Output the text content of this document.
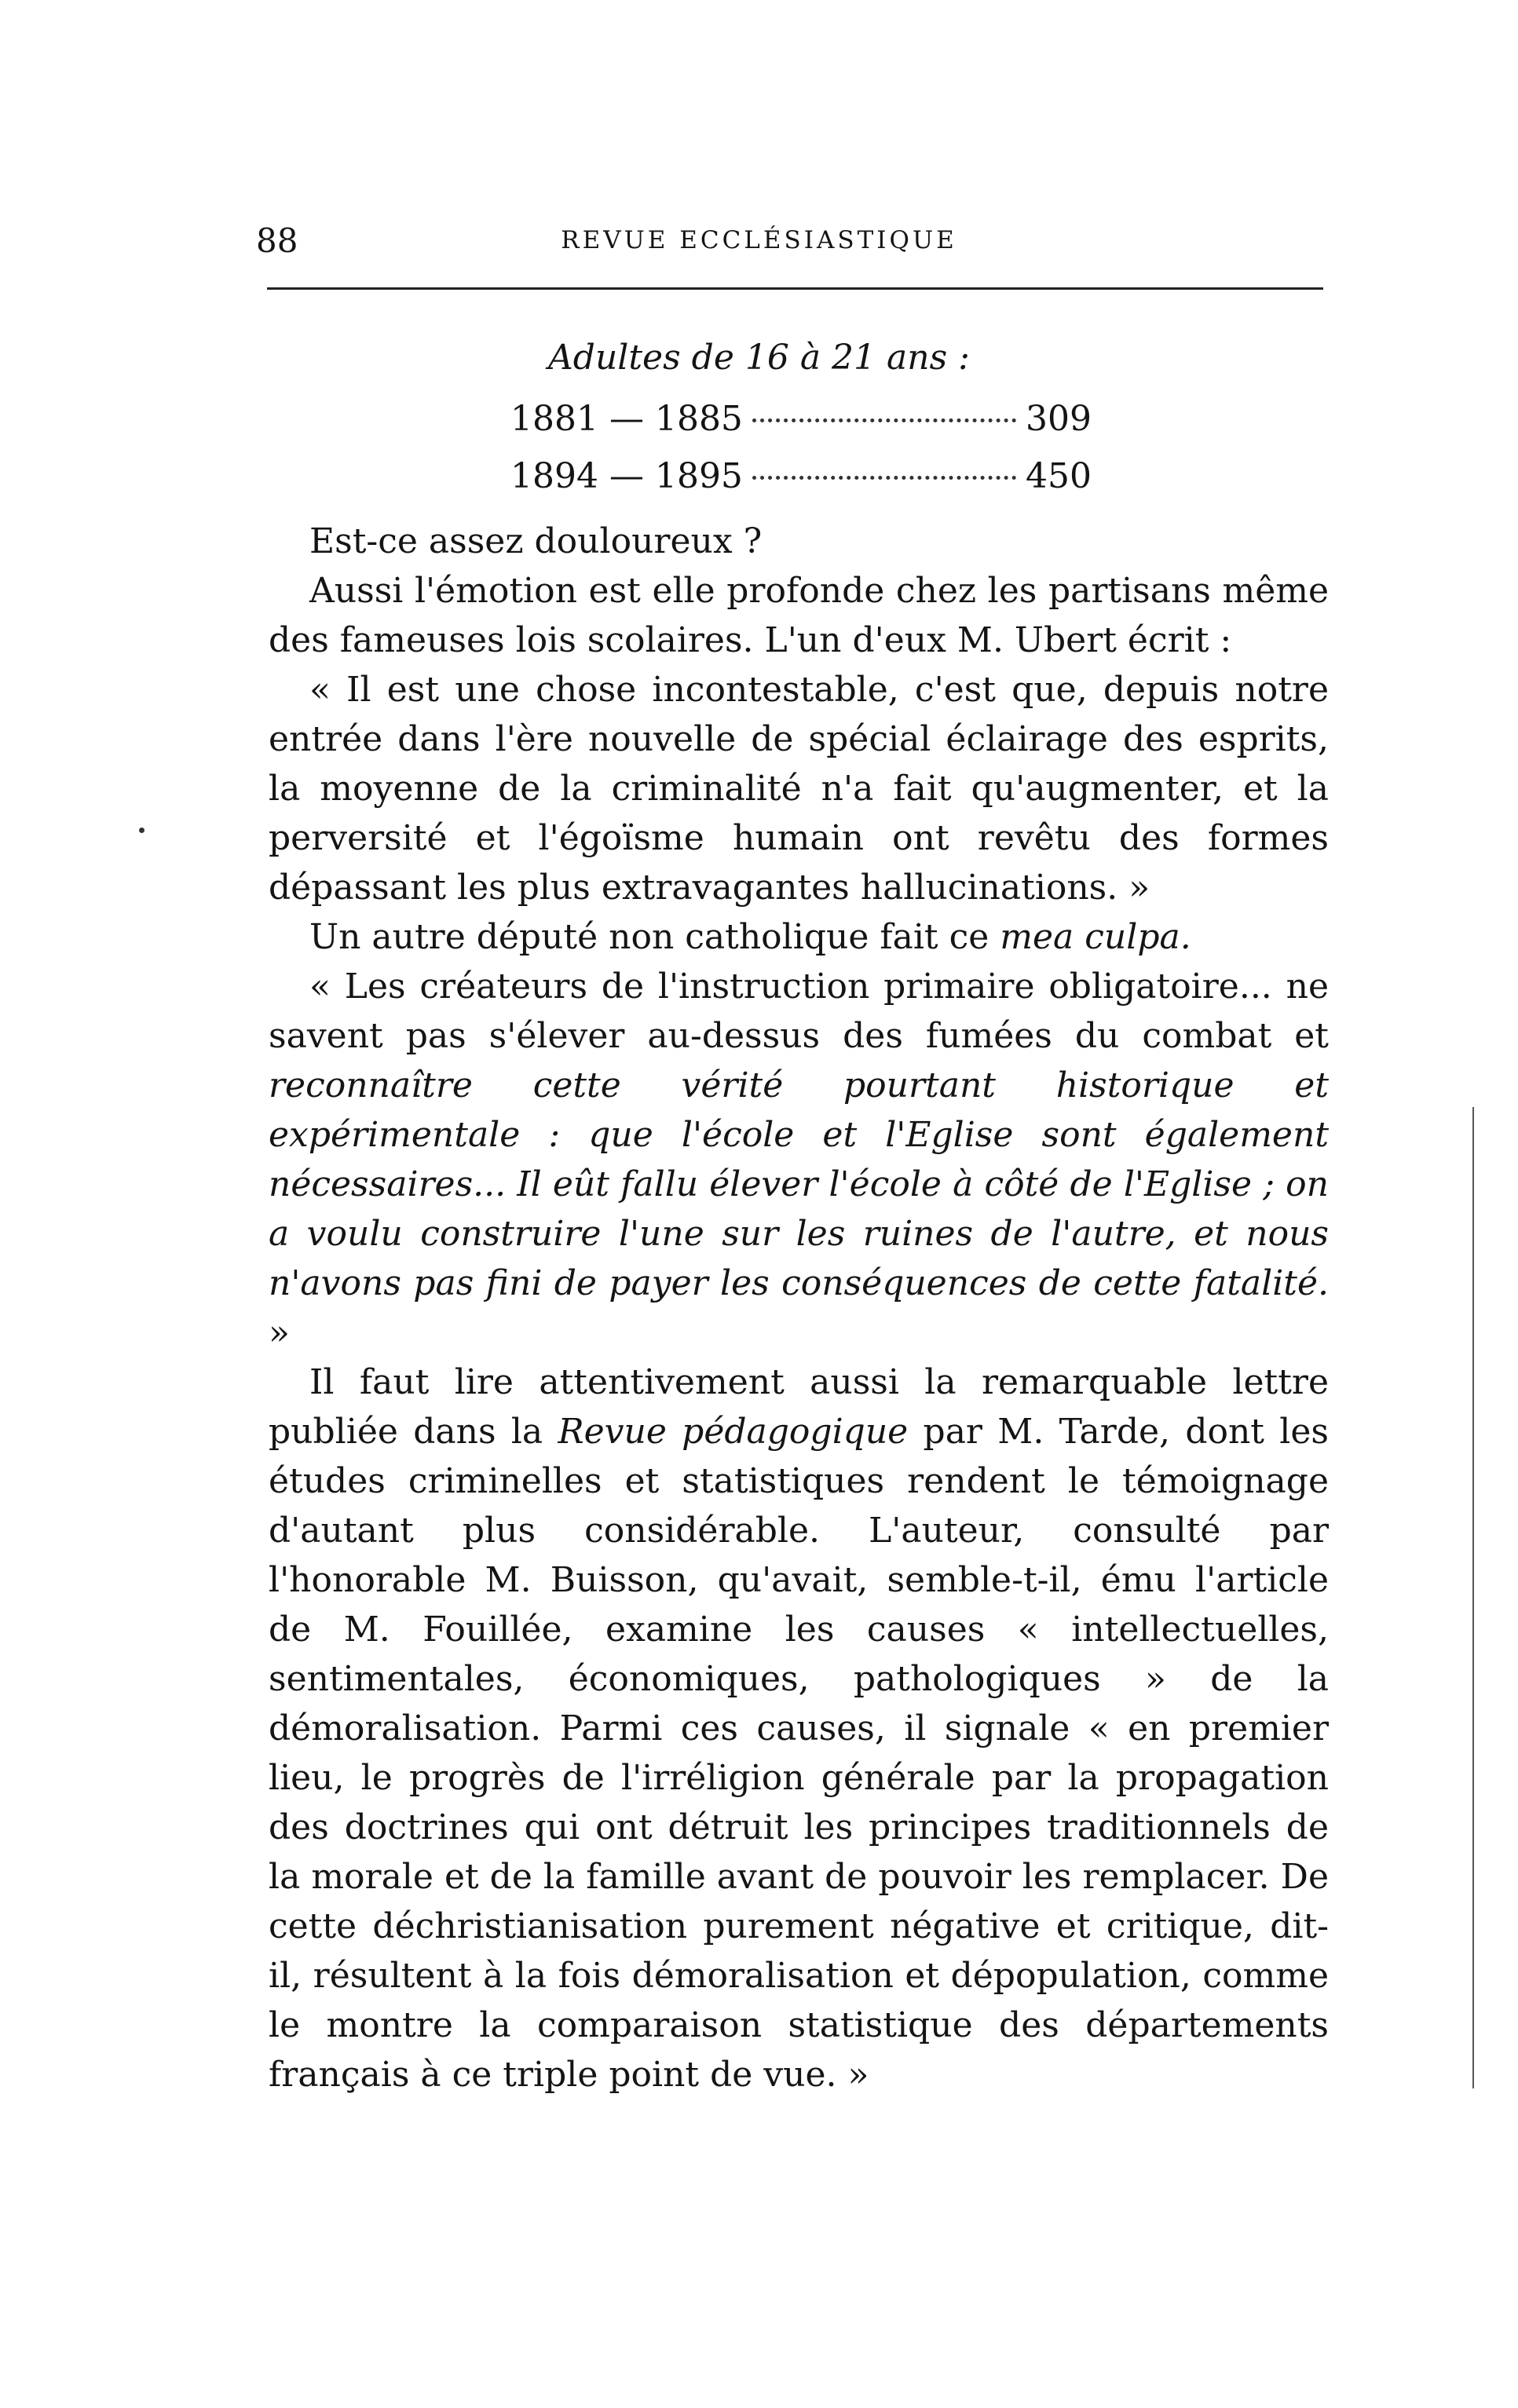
88	REVUE ECCLÉSIASTIQUE
Adultes de 16 à 21 ans :
1881 — 1885	309
1894 — 1895	450

Est-ce assez douloureux ?

Aussi l'émotion est elle profonde chez les partisans même des fameuses lois scolaires. L'un d'eux M. Ubert écrit :

« Il est une chose incontestable, c'est que, depuis notre entrée dans l'ère nouvelle de spécial éclairage des esprits, la moyenne de la criminalité n'a fait qu'augmenter, et la perversité et l'égoïsme humain ont revêtu des formes dépassant les plus extravagantes hallucinations. »

Un autre député non catholique fait ce mea culpa.

« Les créateurs de l'instruction primaire obligatoire... ne savent pas s'élever au-dessus des fumées du combat et reconnaître cette vérité pourtant historique et expérimentale : que l'école et l'Eglise sont également nécessaires... Il eût fallu élever l'école à côté de l'Eglise ; on a voulu construire l'une sur les ruines de l'autre, et nous n'avons pas fini de payer les conséquences de cette fatalité. »

Il faut lire attentivement aussi la remarquable lettre publiée dans la Revue pédagogique par M. Tarde, dont les études criminelles et statistiques rendent le témoignage d'autant plus considérable. L'auteur, consulté par l'honorable M. Buisson, qu'avait, semble-t-il, ému l'article de M. Fouillée, examine les causes « intellectuelles, sentimentales, économiques, pathologiques » de la démoralisation. Parmi ces causes, il signale « en premier lieu, le progrès de l'irréligion générale par la propagation des doctrines qui ont détruit les principes traditionnels de la morale et de la famille avant de pouvoir les remplacer. De cette déchristianisation purement négative et critique, dit-il, résultent à la fois démoralisation et dépopulation, comme le montre la comparaison statistique des départements français à ce triple point de vue. »
